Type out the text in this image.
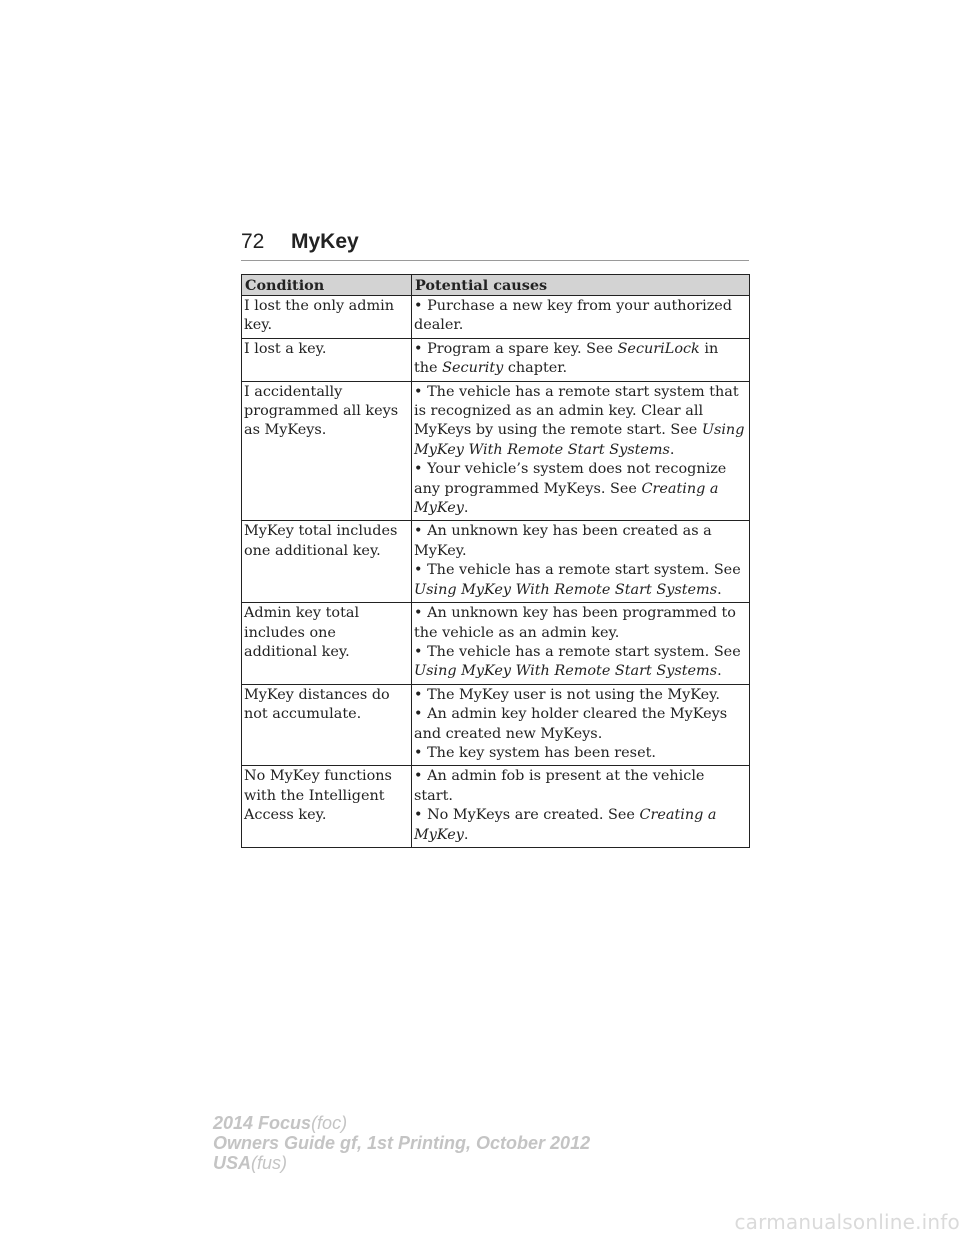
72 MyKey
Condition	Potential causes
I lost the only admin key.	• Purchase a new key from your authorized dealer.

I lost a key.	• Program a spare key. See SecuriLock in the Security chapter.

I accidentally programmed all keys as MyKeys.	• The vehicle has a remote start system that is recognized as an admin key. Clear all MyKeys by using the remote start. See Using MyKey With Remote Start Systems.
• Your vehicle’s system does not recognize any programmed MyKeys. See Creating a MyKey.

MyKey total includes one additional key.	• An unknown key has been created as a MyKey.
• The vehicle has a remote start system. See Using MyKey With Remote Start Systems.

Admin key total includes one additional key.	• An unknown key has been programmed to the vehicle as an admin key.
• The vehicle has a remote start system. See Using MyKey With Remote Start Systems.

MyKey distances do not accumulate.	• The MyKey user is not using the MyKey.
• An admin key holder cleared the MyKeys and created new MyKeys.
• The key system has been reset.

No MyKey functions with the Intelligent Access key.	• An admin fob is present at the vehicle start.
• No MyKeys are created. See Creating a MyKey.
2014 Focus(foc)
Owners Guide gf, 1st Printing, October 2012
USA(fus)
carmanualsonline.info
